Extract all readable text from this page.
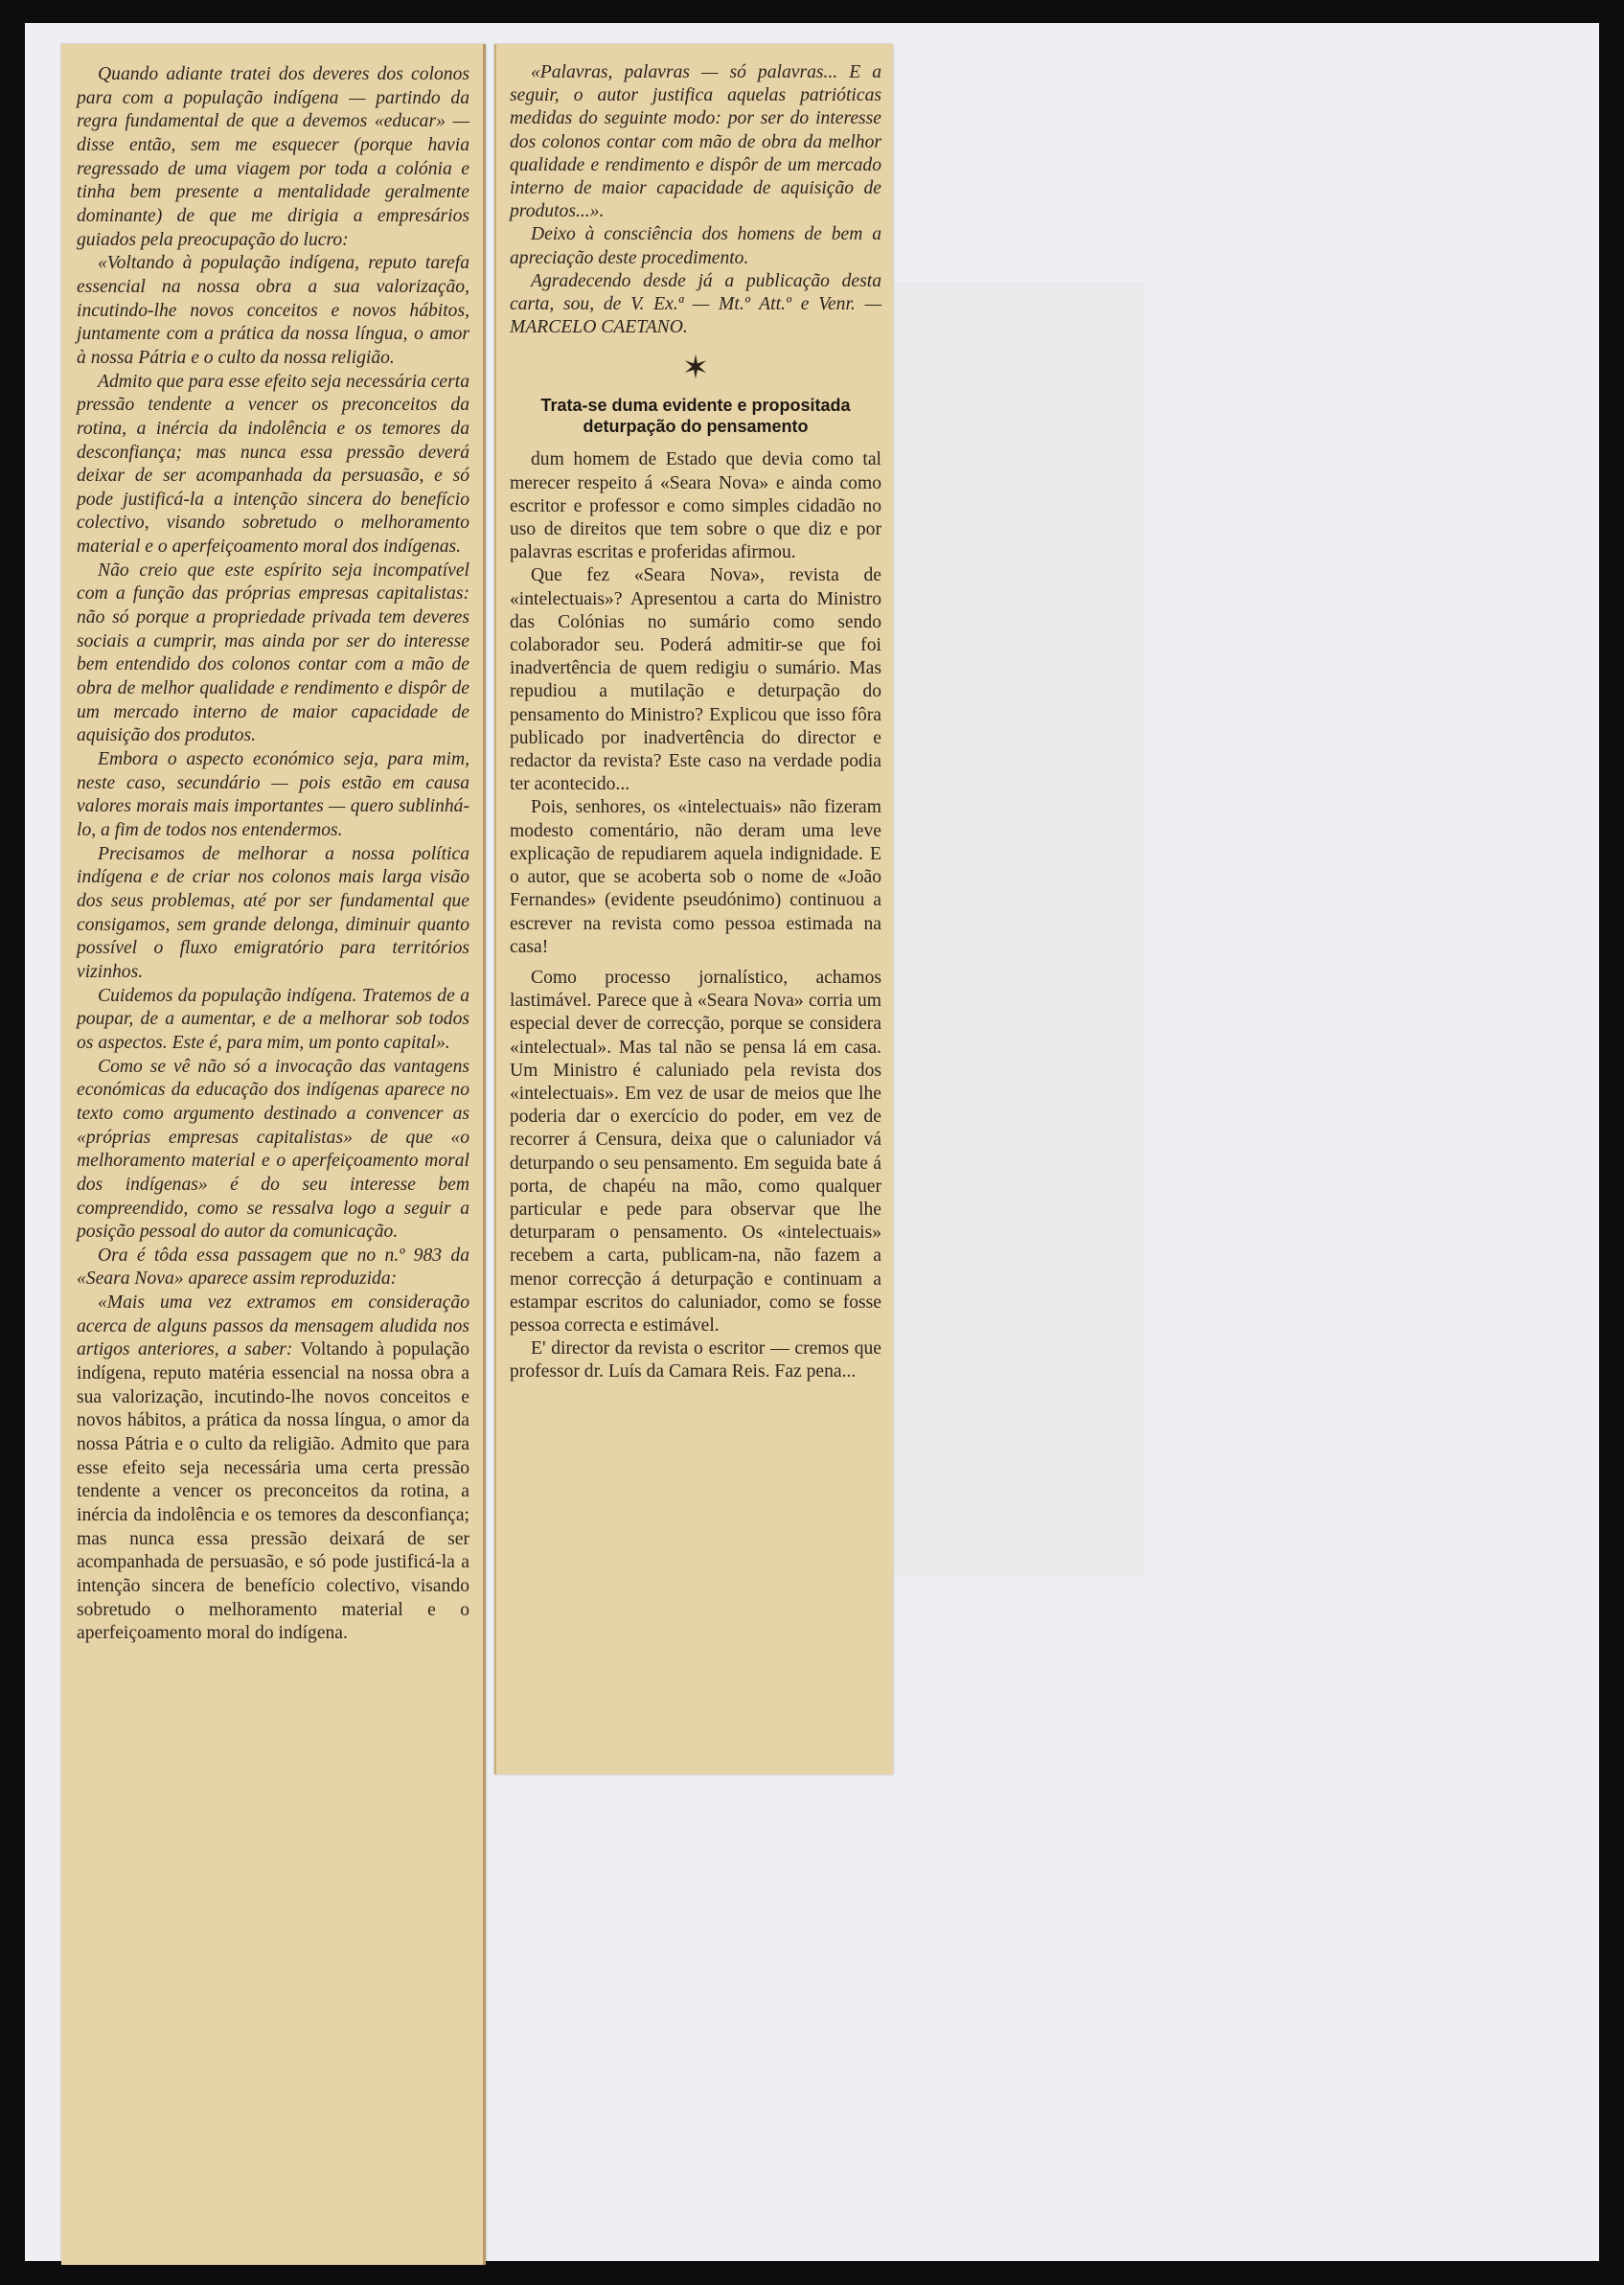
Quando adiante tratei dos deveres dos colonos para com a população indígena — partindo da regra fundamental de que a devemos «educar» — disse então, sem me esquecer (porque havia regressado de uma viagem por toda a colónia e tinha bem presente a mentalidade geralmente dominante) de que me dirigia a empresários guiados pela preocupação do lucro:

«Voltando à população indígena, reputo tarefa essencial na nossa obra a sua valorização, incutindo-lhe novos conceitos e novos hábitos, juntamente com a prática da nossa língua, o amor à nossa Pátria e o culto da nossa religião.

Admito que para esse efeito seja necessária certa pressão tendente a vencer os preconceitos da rotina, a inércia da indolência e os temores da desconfiança; mas nunca essa pressão deverá deixar de ser acompanhada da persuasão, e só pode justificá-la a intenção sincera do benefício colectivo, visando sobretudo o melhoramento material e o aperfeiçoamento moral dos indígenas.

Não creio que este espírito seja incompatível com a função das próprias empresas capitalistas: não só porque a propriedade privada tem deveres sociais a cumprir, mas ainda por ser do interesse bem entendido dos colonos contar com a mão de obra de melhor qualidade e rendimento e dispôr de um mercado interno de maior capacidade de aquisição dos produtos.

Embora o aspecto económico seja, para mim, neste caso, secundário — pois estão em causa valores morais mais importantes — quero sublinhá-lo, a fim de todos nos entendermos.

Precisamos de melhorar a nossa política indígena e de criar nos colonos mais larga visão dos seus problemas, até por ser fundamental que consigamos, sem grande delonga, diminuir quanto possível o fluxo emigratório para territórios vizinhos.

Cuidemos da população indígena. Tratemos de a poupar, de a aumentar, e de a melhorar sob todos os aspectos. Este é, para mim, um ponto capital».

Como se vê não só a invocação das vantagens económicas da educação dos indígenas aparece no texto como argumento destinado a convencer as «próprias empresas capitalistas» de que «o melhoramento material e o aperfeiçoamento moral dos indígenas» é do seu interesse bem compreendido, como se ressalva logo a seguir a posição pessoal do autor da comunicação.

Ora é tôda essa passagem que no n.º 983 da «Seara Nova» aparece assim reproduzida:

«Mais uma vez extramos em consideração acerca de alguns passos da mensagem aludida nos artigos anteriores, a saber: Voltando à população indígena, reputo matéria essencial na nossa obra a sua valorização, incutindo-lhe novos conceitos e novos hábitos, a prática da nossa língua, o amor da nossa Pátria e o culto da religião. Admito que para esse efeito seja necessária uma certa pressão tendente a vencer os preconceitos da rotina, a inércia da indolência e os temores da desconfiança; mas nunca essa pressão deixará de ser acompanhada de persuasão, e só pode justificá-la a intenção sincera de benefício colectivo, visando sobretudo o melhoramento material e o aperfeiçoamento moral do indígena.

«Palavras, palavras — só palavras... E a seguir, o autor justifica aquelas patrióticas medidas do seguinte modo: por ser do interesse dos colonos contar com mão de obra da melhor qualidade e rendimento e dispôr de um mercado interno de maior capacidade de aquisição de produtos...».

Deixo à consciência dos homens de bem a apreciação deste procedimento.

Agradecendo desde já a publicação desta carta, sou, de V. Ex.ª — Mt.º Att.º e Venr. — MARCELO CAETANO.

✶
Trata-se duma evidente e propositada deturpação do pensamento

dum homem de Estado que devia como tal merecer respeito á «Seara Nova» e ainda como escritor e professor e como simples cidadão no uso de direitos que tem sobre o que diz e por palavras escritas e proferidas afirmou.

Que fez «Seara Nova», revista de «intelectuais»? Apresentou a carta do Ministro das Colónias no sumário como sendo colaborador seu. Poderá admitir-se que foi inadvertência de quem redigiu o sumário. Mas repudiou a mutilação e deturpação do pensamento do Ministro? Explicou que isso fôra publicado por inadvertência do director e redactor da revista? Este caso na verdade podia ter acontecido...

Pois, senhores, os «intelectuais» não fizeram modesto comentário, não deram uma leve explicação de repudiarem aquela indignidade. E o autor, que se acoberta sob o nome de «João Fernandes» (evidente pseudónimo) continuou a escrever na revista como pessoa estimada na casa!

Como processo jornalístico, achamos lastimável. Parece que à «Seara Nova» corria um especial dever de correcção, porque se considera «intelectual». Mas tal não se pensa lá em casa. Um Ministro é caluniado pela revista dos «intelectuais». Em vez de usar de meios que lhe poderia dar o exercício do poder, em vez de recorrer á Censura, deixa que o caluniador vá deturpando o seu pensamento. Em seguida bate á porta, de chapéu na mão, como qualquer particular e pede para observar que lhe deturparam o pensamento. Os «intelectuais» recebem a carta, publicam-na, não fazem a menor correcção á deturpação e continuam a estampar escritos do caluniador, como se fosse pessoa correcta e estimável.

E' director da revista o escritor — cremos que professor dr. Luís da Camara Reis. Faz pena...
